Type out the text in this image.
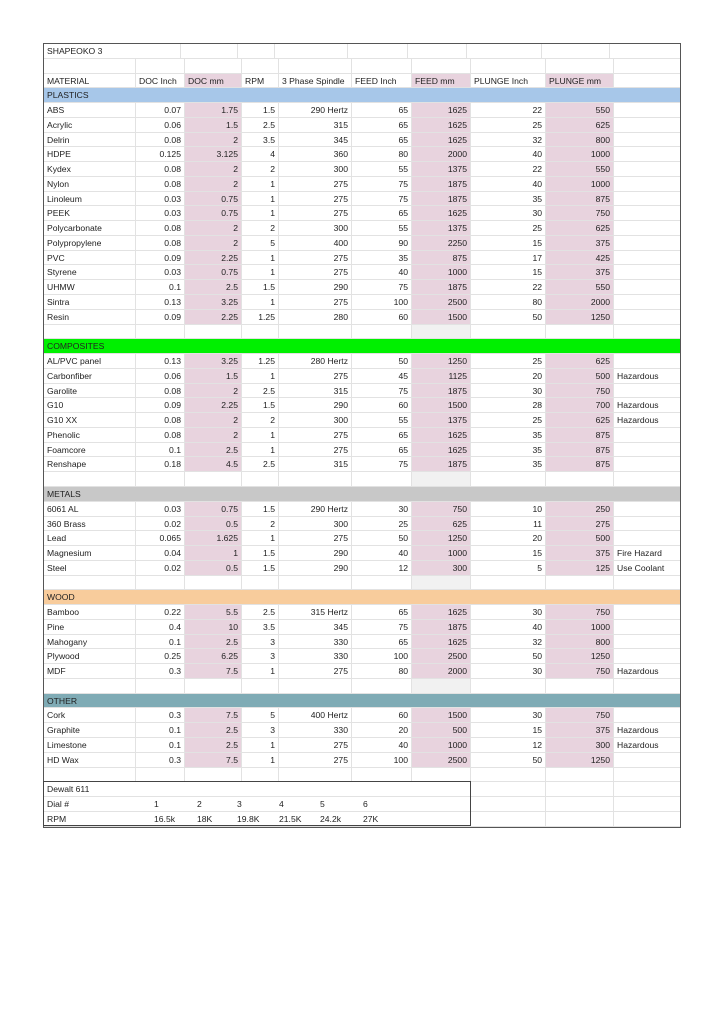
SHAPEOKO 3
MATERIAL	DOC Inch	DOC mm	RPM	3 Phase Spindle	FEED Inch	FEED mm	PLUNGE Inch	PLUNGE mm
PLASTICS
ABS	0.07	1.75	1.5	290 Hertz	65	1625	22	550
Acrylic	0.06	1.5	2.5	315	65	1625	25	625
Delrin	0.08	2	3.5	345	65	1625	32	800
HDPE	0.125	3.125	4	360	80	2000	40	1000
Kydex	0.08	2	2	300	55	1375	22	550
Nylon	0.08	2	1	275	75	1875	40	1000
Linoleum	0.03	0.75	1	275	75	1875	35	875
PEEK	0.03	0.75	1	275	65	1625	30	750
Polycarbonate	0.08	2	2	300	55	1375	25	625
Polypropylene	0.08	2	5	400	90	2250	15	375
PVC	0.09	2.25	1	275	35	875	17	425
Styrene	0.03	0.75	1	275	40	1000	15	375
UHMW	0.1	2.5	1.5	290	75	1875	22	550
Sintra	0.13	3.25	1	275	100	2500	80	2000
Resin	0.09	2.25	1.25	280	60	1500	50	1250
COMPOSITES
AL/PVC panel	0.13	3.25	1.25	280 Hertz	50	1250	25	625
Carbonfiber	0.06	1.5	1	275	45	1125	20	500 Hazardous
Garolite	0.08	2	2.5	315	75	1875	30	750
G10	0.09	2.25	1.5	290	60	1500	28	700 Hazardous
G10 XX	0.08	2	2	300	55	1375	25	625 Hazardous
Phenolic	0.08	2	1	275	65	1625	35	875
Foamcore	0.1	2.5	1	275	65	1625	35	875
Renshape	0.18	4.5	2.5	315	75	1875	35	875
METALS
6061 AL	0.03	0.75	1.5	290 Hertz	30	750	10	250
360 Brass	0.02	0.5	2	300	25	625	11	275
Lead	0.065	1.625	1	275	50	1250	20	500
Magnesium	0.04	1	1.5	290	40	1000	15	375 Fire Hazard
Steel	0.02	0.5	1.5	290	12	300	5	125 Use Coolant
WOOD
Bamboo	0.22	5.5	2.5	315 Hertz	65	1625	30	750
Pine	0.4	10	3.5	345	75	1875	40	1000
Mahogany	0.1	2.5	3	330	65	1625	32	800
Plywood	0.25	6.25	3	330	100	2500	50	1250
MDF	0.3	7.5	1	275	80	2000	30	750 Hazardous
OTHER
Cork	0.3	7.5	5	400 Hertz	60	1500	30	750
Graphite	0.1	2.5	3	330	20	500	15	375 Hazardous
Limestone	0.1	2.5	1	275	40	1000	12	300 Hazardous
HD Wax	0.3	7.5	1	275	100	2500	50	1250
Dewalt 611
Dial #	1	2	3	4	5	6
RPM	16.5k	18K	19.8K 21.5K 24.2k	27K
